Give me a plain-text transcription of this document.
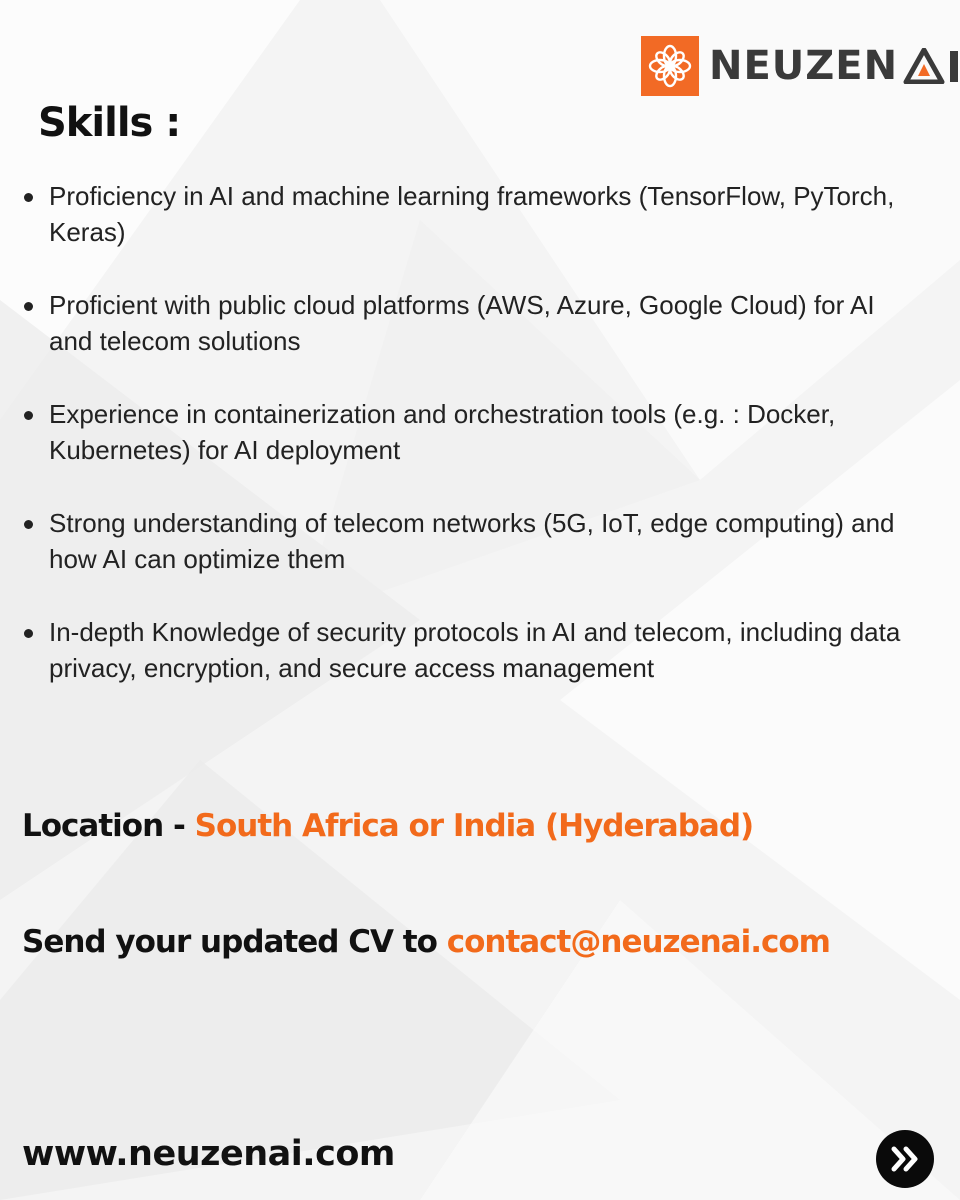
NEUZEN
Skills :
Proficiency in AI and machine learning frameworks (TensorFlow, PyTorch, Keras)
Proficient with public cloud platforms (AWS, Azure, Google Cloud) for AI and telecom solutions
Experience in containerization and orchestration tools (e.g. : Docker, Kubernetes) for AI deployment
Strong understanding of telecom networks (5G, IoT, edge computing) and how AI can optimize them
In-depth Knowledge of security protocols in AI and telecom, including data privacy, encryption, and secure access management
Location - South Africa or India (Hyderabad)
Send your updated CV to contact@neuzenai.com
www.neuzenai.com
